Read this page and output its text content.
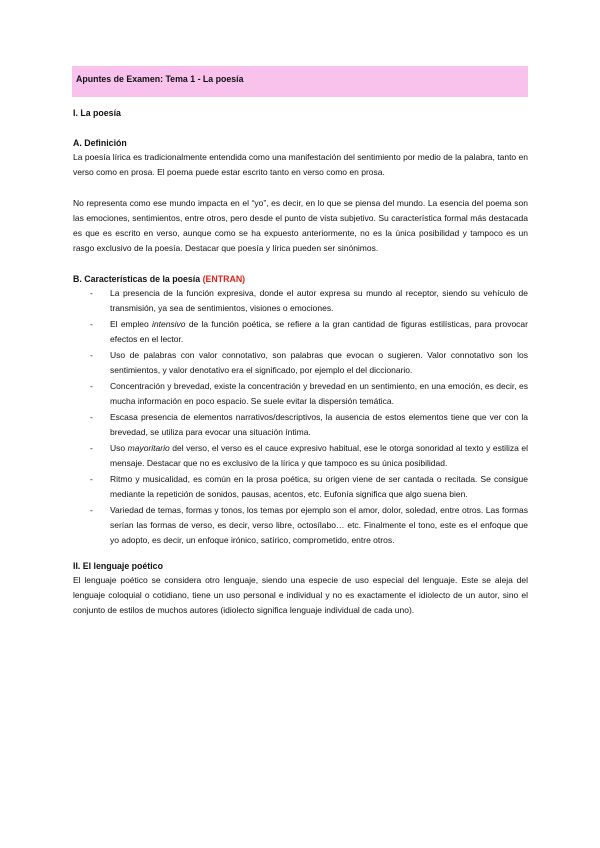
Apuntes de Examen: Tema 1 - La poesía
I. La poesía
A. Definición
La poesía lírica es tradicionalmente entendida como una manifestación del sentimiento por medio de la palabra, tanto en verso como en prosa. El poema puede estar escrito tanto en verso como en prosa.
No representa como ese mundo impacta en el “yo”, es decir, en lo que se piensa del mundo. La esencia del poema son las emociones, sentimientos, entre otros, pero desde el punto de vista subjetivo. Su característica formal más destacada es que es escrito en verso, aunque como se ha expuesto anteriormente, no es la única posibilidad y tampoco es un rasgo exclusivo de la poesía. Destacar que poesía y lírica pueden ser sinónimos.
B. Características de la poesía (ENTRAN)
- La presencia de la función expresiva, donde el autor expresa su mundo al receptor, siendo su vehículo de transmisión, ya sea de sentimientos, visiones o emociones.
- El empleo intensivo de la función poética, se refiere a la gran cantidad de figuras estilísticas, para provocar efectos en el lector.
- Uso de palabras con valor connotativo, son palabras que evocan o sugieren. Valor connotativo son los sentimientos, y valor denotativo era el significado, por ejemplo el del diccionario.
- Concentración y brevedad, existe la concentración y brevedad en un sentimiento, en una emoción, es decir, es mucha información en poco espacio. Se suele evitar la dispersión temática.
- Escasa presencia de elementos narrativos/descriptivos, la ausencia de estos elementos tiene que ver con la brevedad, se utiliza para evocar una situación íntima.
- Uso mayoritario del verso, el verso es el cauce expresivo habitual, ese le otorga sonoridad al texto y estiliza el mensaje. Destacar que no es exclusivo de la lírica y que tampoco es su única posibilidad.
- Ritmo y musicalidad, es común en la prosa poética, su origen viene de ser cantada o recitada. Se consigue mediante la repetición de sonidos, pausas, acentos, etc. Eufonía significa que algo suena bien.
- Variedad de temas, formas y tonos, los temas por ejemplo son el amor, dolor, soledad, entre otros. Las formas serían las formas de verso, es decir, verso libre, octosílabo… etc. Finalmente el tono, este es el enfoque que yo adopto, es decir, un enfoque irónico, satírico, comprometido, entre otros.
II. El lenguaje poético
El lenguaje poético se considera otro lenguaje, siendo una especie de uso especial del lenguaje. Este se aleja del lenguaje coloquial o cotidiano, tiene un uso personal e individual y no es exactamente el idiolecto de un autor, sino el conjunto de estilos de muchos autores (idiolecto significa lenguaje individual de cada uno).
